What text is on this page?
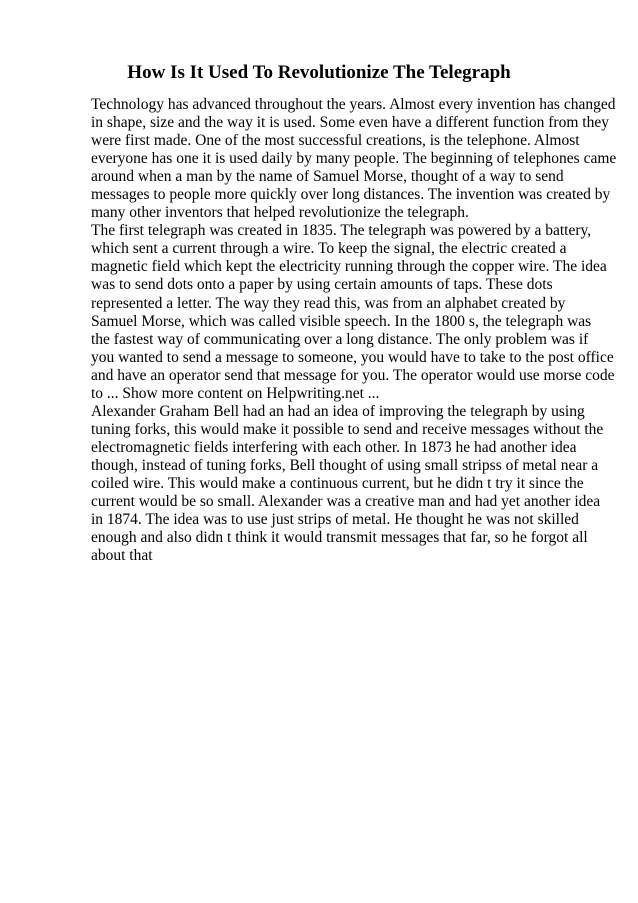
How Is It Used To Revolutionize The Telegraph
Technology has advanced throughout the years. Almost every invention has changed
in shape, size and the way it is used. Some even have a different function from they
were first made. One of the most successful creations, is the telephone. Almost
everyone has one it is used daily by many people. The beginning of telephones came
around when a man by the name of Samuel Morse, thought of a way to send
messages to people more quickly over long distances. The invention was created by
many other inventors that helped revolutionize the telegraph.
The first telegraph was created in 1835. The telegraph was powered by a battery,
which sent a current through a wire. To keep the signal, the electric created a
magnetic field which kept the electricity running through the copper wire. The idea
was to send dots onto a paper by using certain amounts of taps. These dots
represented a letter. The way they read this, was from an alphabet created by
Samuel Morse, which was called visible speech. In the 1800 s, the telegraph was
the fastest way of communicating over a long distance. The only problem was if
you wanted to send a message to someone, you would have to take to the post office
and have an operator send that message for you. The operator would use morse code
to ... Show more content on Helpwriting.net ...
Alexander Graham Bell had an had an idea of improving the telegraph by using
tuning forks, this would make it possible to send and receive messages without the
electromagnetic fields interfering with each other. In 1873 he had another idea
though, instead of tuning forks, Bell thought of using small stripss of metal near a
coiled wire. This would make a continuous current, but he didn t try it since the
current would be so small. Alexander was a creative man and had yet another idea
in 1874. The idea was to use just strips of metal. He thought he was not skilled
enough and also didn t think it would transmit messages that far, so he forgot all
about that
